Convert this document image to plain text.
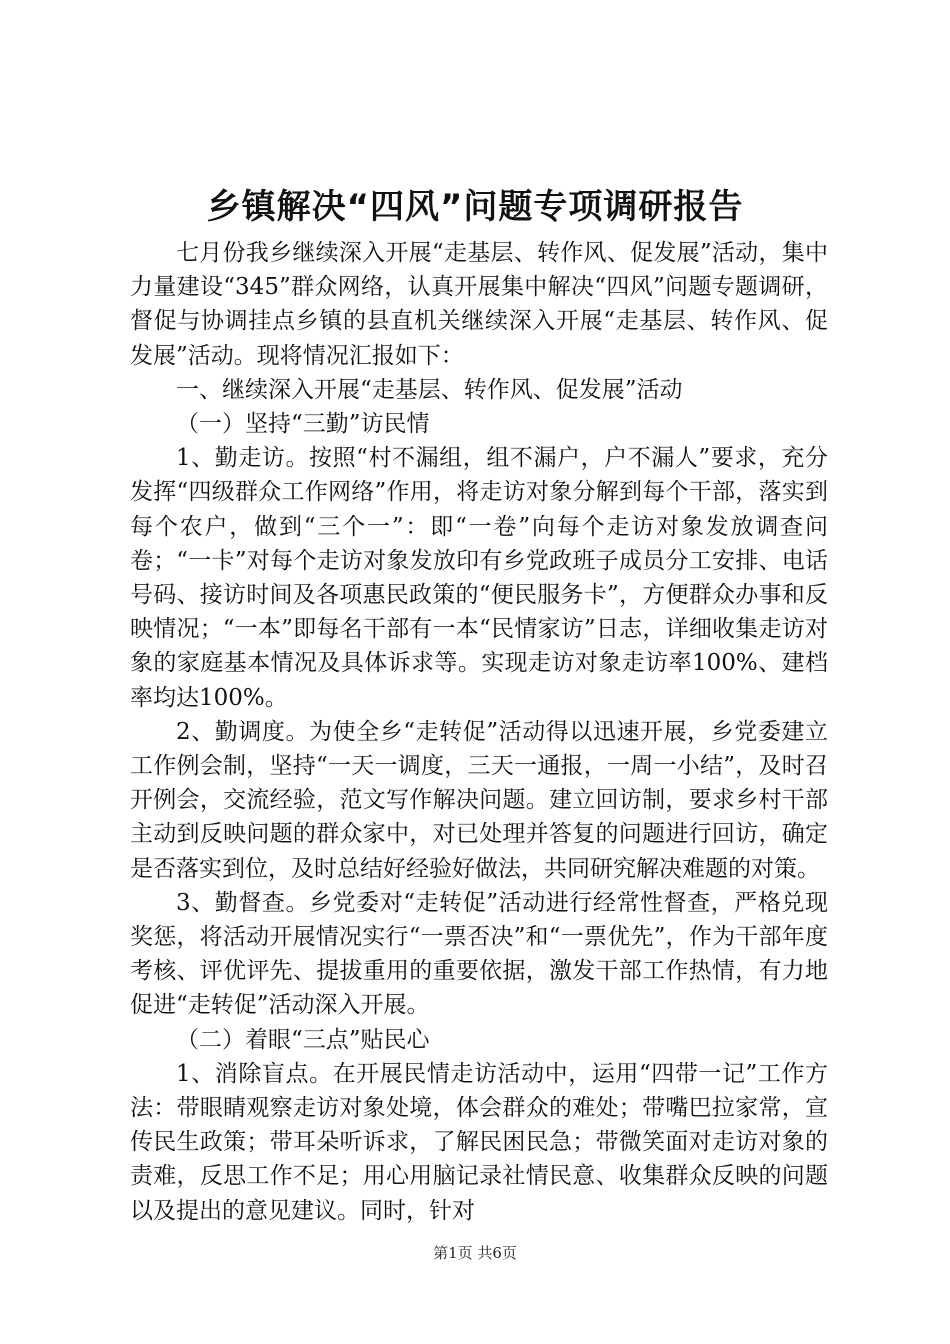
乡镇解决“四风”问题专项调研报告

七月份我乡继续深入开展“走基层、转作风、促发展”活动，集中力量建设“345”群众网络，认真开展集中解决“四风”问题专题调研，督促与协调挂点乡镇的县直机关继续深入开展“走基层、转作风、促发展”活动。现将情况汇报如下：

一、继续深入开展“走基层、转作风、促发展”活动

（一）坚持“三勤”访民情

1、勤走访。按照“村不漏组，组不漏户，户不漏人”要求，充分发挥“四级群众工作网络”作用，将走访对象分解到每个干部，落实到每个农户，做到“三个一”：即“一卷”向每个走访对象发放调查问卷；“一卡”对每个走访对象发放印有乡党政班子成员分工安排、电话号码、接访时间及各项惠民政策的“便民服务卡”，方便群众办事和反映情况；“一本”即每名干部有一本“民情家访”日志，详细收集走访对象的家庭基本情况及具体诉求等。实现走访对象走访率100%、建档率均达100%。

2、勤调度。为使全乡“走转促”活动得以迅速开展，乡党委建立工作例会制，坚持“一天一调度，三天一通报，一周一小结”，及时召开例会，交流经验，范文写作解决问题。建立回访制，要求乡村干部主动到反映问题的群众家中，对已处理并答复的问题进行回访，确定是否落实到位，及时总结好经验好做法，共同研究解决难题的对策。

3、勤督查。乡党委对“走转促”活动进行经常性督查，严格兑现奖惩，将活动开展情况实行“一票否决”和“一票优先”，作为干部年度考核、评优评先、提拔重用的重要依据，激发干部工作热情，有力地促进“走转促”活动深入开展。

（二）着眼“三点”贴民心

1、消除盲点。在开展民情走访活动中，运用“四带一记”工作方法：带眼睛观察走访对象处境，体会群众的难处；带嘴巴拉家常，宣传民生政策；带耳朵听诉求，了解民困民急；带微笑面对走访对象的责难，反思工作不足；用心用脑记录社情民意、收集群众反映的问题以及提出的意见建议。同时，针对

第1页 共6页
